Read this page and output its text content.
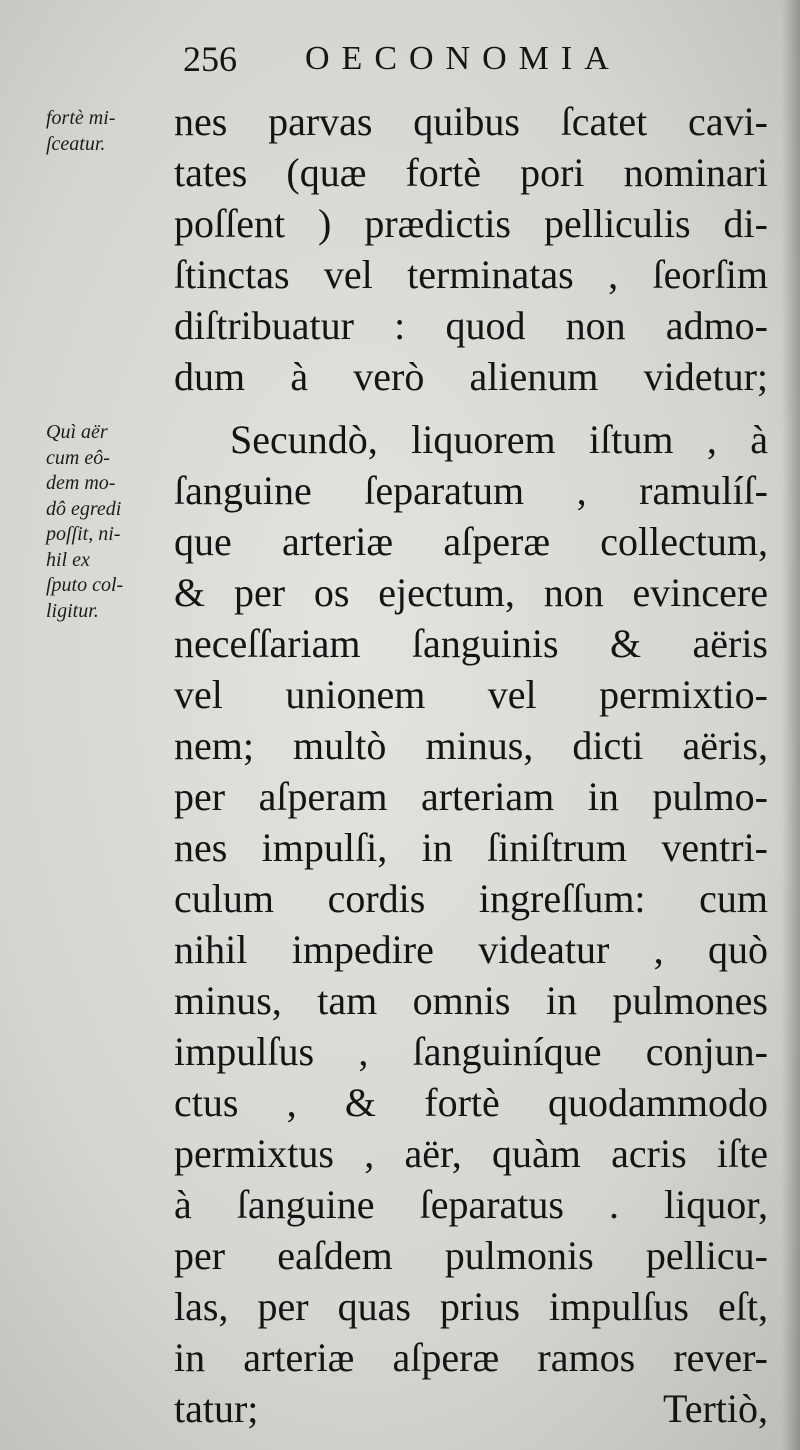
256 OECONOMIA
fortè mi-
ſceatur.
Quì aër
cum eô-
dem mo-
dô egredi
poſſit, ni-
hil ex
ſputo col-
ligitur.
nes parvas quibus ſcatet cavi-
tates (quæ fortè pori nominari
poſſent ) prædictis pelliculis di-
ſtinctas vel terminatas , ſeorſim
diſtribuatur : quod non admo-
dum à verò alienum videtur;
Secundò, liquorem iſtum , à
ſanguine ſeparatum , ramulíſ-
que arteriæ aſperæ collectum,
& per os ejectum, non evincere
neceſſariam ſanguinis & aëris
vel unionem vel permixtio-
nem; multò minus, dicti aëris,
per aſperam arteriam in pulmo-
nes impulſi, in ſiniſtrum ventri-
culum cordis ingreſſum: cum
nihil impedire videatur , quò
minus, tam omnis in pulmones
impulſus , ſanguiníque conjun-
ctus , & fortè quodammodo
permixtus , aër, quàm acris iſte
à ſanguine ſeparatus . liquor,
per eaſdem pulmonis pellicu-
las, per quas prius impulſus eſt,
in arteriæ aſperæ ramos rever-
tatur;	Tertiò,
